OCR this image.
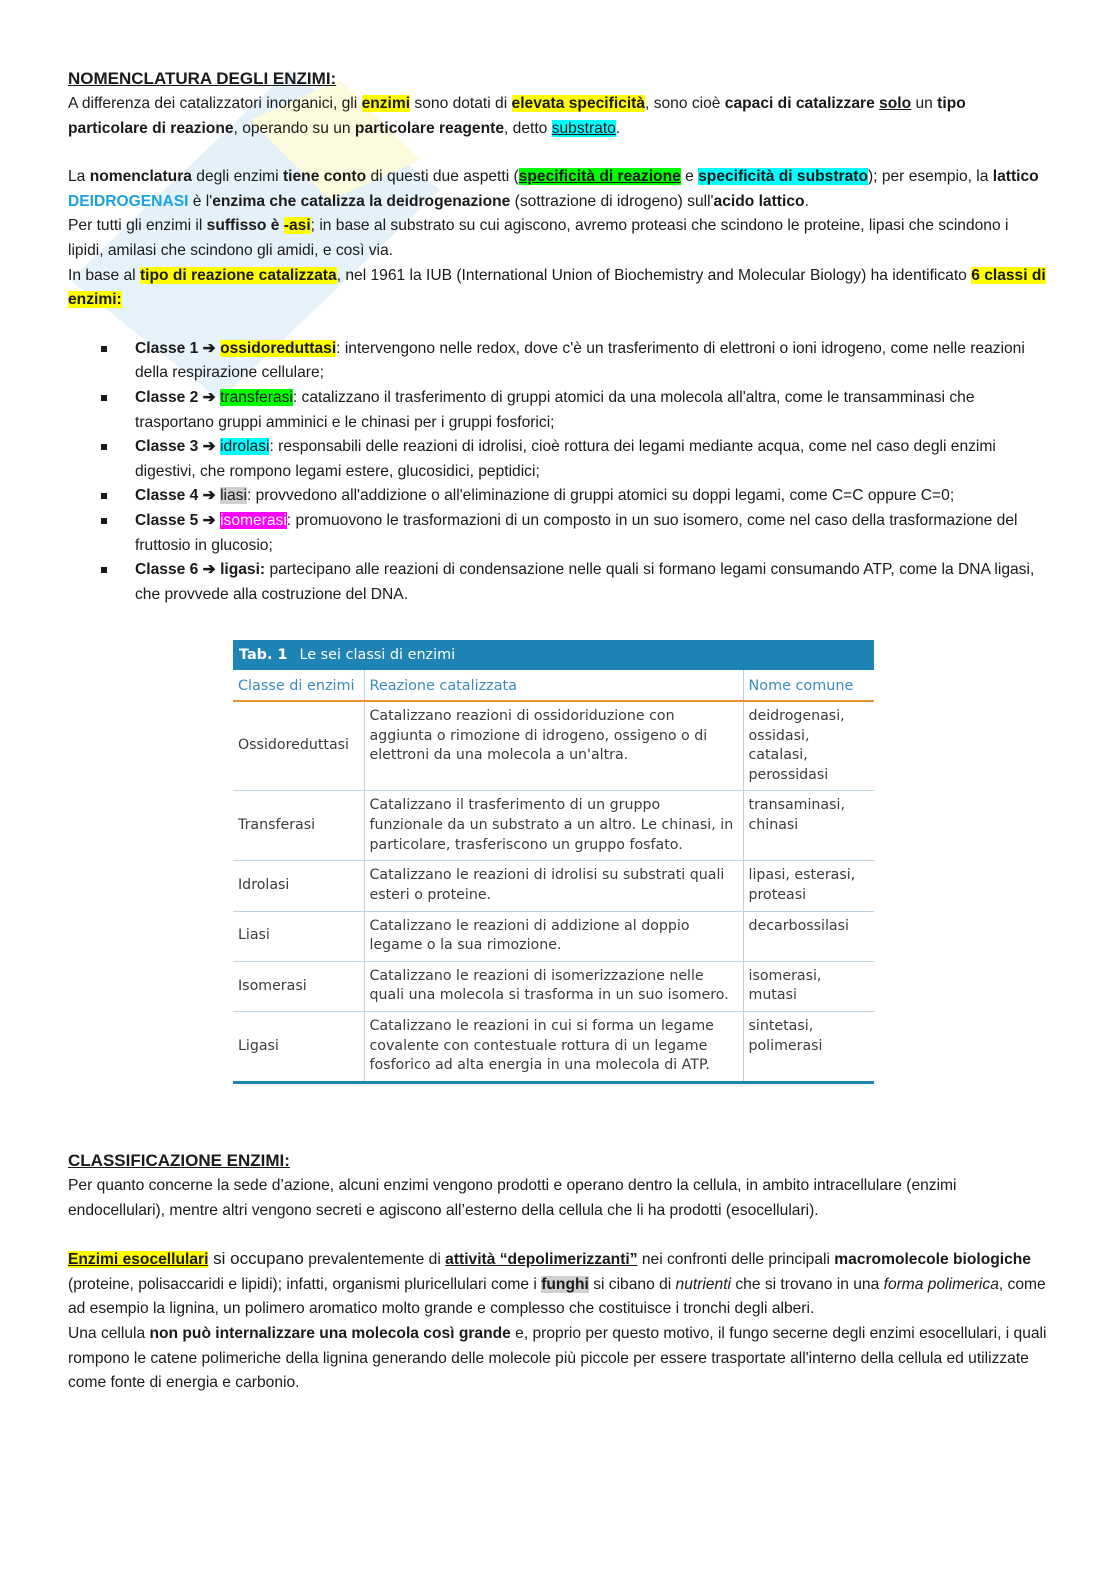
NOMENCLATURA DEGLI ENZIMI:

A differenza dei catalizzatori inorganici, gli enzimi sono dotati di elevata specificità, sono cioè capaci di catalizzare solo un tipo particolare di reazione, operando su un particolare reagente, detto substrato.

La nomenclatura degli enzimi tiene conto di questi due aspetti (specificità di reazione e specificità di substrato); per esempio, la lattico DEIDROGENASI è l'enzima che catalizza la deidrogenazione (sottrazione di idrogeno) sull'acido lattico.

Per tutti gli enzimi il suffisso è -asi; in base al substrato su cui agiscono, avremo proteasi che scindono le proteine, lipasi che scindono i lipidi, amilasi che scindono gli amidi, e così via.

In base al tipo di reazione catalizzata, nel 1961 la IUB (International Union of Biochemistry and Molecular Biology) ha identificato 6 classi di enzimi:

Classe 1 ➔ ossidoreduttasi: intervengono nelle redox, dove c'è un trasferimento di elettroni o ioni idrogeno, come nelle reazioni della respirazione cellulare;
Classe 2 ➔ transferasi: catalizzano il trasferimento di gruppi atomici da una molecola all'altra, come le transamminasi che trasportano gruppi amminici e le chinasi per i gruppi fosforici;
Classe 3 ➔ idrolasi: responsabili delle reazioni di idrolisi, cioè rottura dei legami mediante acqua, come nel caso degli enzimi digestivi, che rompono legami estere, glucosidici, peptidici;
Classe 4 ➔ liasi: provvedono all'addizione o all'eliminazione di gruppi atomici su doppi legami, come C=C oppure C=0;
Classe 5 ➔ isomerasi: promuovono le trasformazioni di un composto in un suo isomero, come nel caso della trasformazione del fruttosio in glucosio;
Classe 6 ➔ ligasi: partecipano alle reazioni di condensazione nelle quali si formano legami consumando ATP, come la DNA ligasi, che provvede alla costruzione del DNA.
Tab. 1 Le sei classi di enzimi
Classe di enzimi	Reazione catalizzata	Nome comune
Ossidoreduttasi	Catalizzano reazioni di ossidoriduzione con aggiunta o rimozione di idrogeno, ossigeno o di elettroni da una molecola a un'altra.	deidrogenasi, ossidasi, catalasi, perossidasi
Transferasi	Catalizzano il trasferimento di un gruppo funzionale da un substrato a un altro. Le chinasi, in particolare, trasferiscono un gruppo fosfato.	transaminasi, chinasi
Idrolasi	Catalizzano le reazioni di idrolisi su substrati quali esteri o proteine.	lipasi, esterasi, proteasi
Liasi	Catalizzano le reazioni di addizione al doppio legame o la sua rimozione.	decarbossilasi
Isomerasi	Catalizzano le reazioni di isomerizzazione nelle quali una molecola si trasforma in un suo isomero.	isomerasi, mutasi
Ligasi	Catalizzano le reazioni in cui si forma un legame covalente con contestuale rottura di un legame fosforico ad alta energia in una molecola di ATP.	sintetasi, polimerasi
CLASSIFICAZIONE ENZIMI:

Per quanto concerne la sede d’azione, alcuni enzimi vengono prodotti e operano dentro la cellula, in ambito intracellulare (enzimi endocellulari), mentre altri vengono secreti e agiscono all’esterno della cellula che li ha prodotti (esocellulari).

Enzimi esocellulari si occupano prevalentemente di attività “depolimerizzanti” nei confronti delle principali macromolecole biologiche (proteine, polisaccaridi e lipidi); infatti, organismi pluricellulari come i funghi si cibano di nutrienti che si trovano in una forma polimerica, come ad esempio la lignina, un polimero aromatico molto grande e complesso che costituisce i tronchi degli alberi.

Una cellula non può internalizzare una molecola così grande e, proprio per questo motivo, il fungo secerne degli enzimi esocellulari, i quali rompono le catene polimeriche della lignina generando delle molecole più piccole per essere trasportate all'interno della cellula ed utilizzate come fonte di energia e carbonio.
